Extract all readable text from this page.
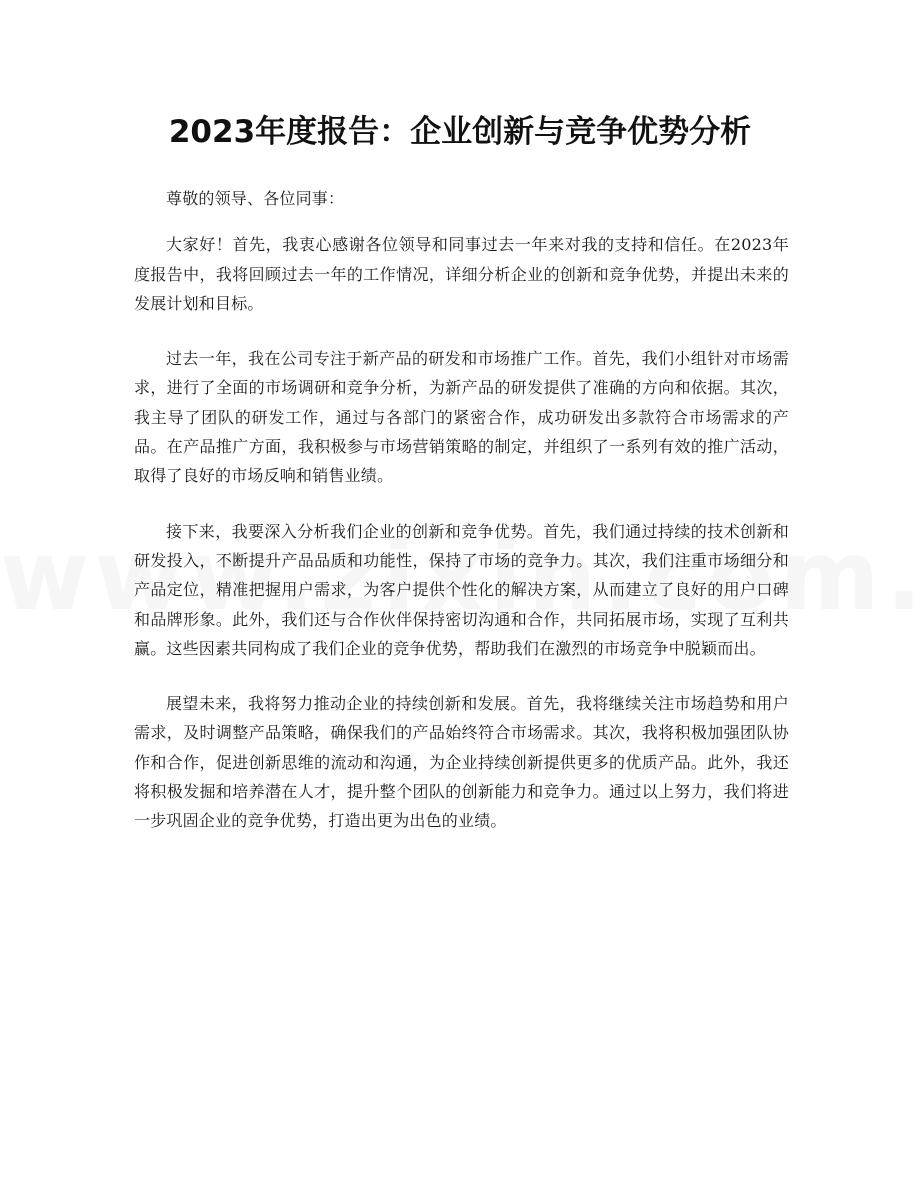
2023年度报告：企业创新与竞争优势分析

尊敬的领导、各位同事：

大家好！首先，我衷心感谢各位领导和同事过去一年来对我的支持和信任。在2023年度报告中，我将回顾过去一年的工作情况，详细分析企业的创新和竞争优势，并提出未来的发展计划和目标。

过去一年，我在公司专注于新产品的研发和市场推广工作。首先，我们小组针对市场需求，进行了全面的市场调研和竞争分析，为新产品的研发提供了准确的方向和依据。其次，我主导了团队的研发工作，通过与各部门的紧密合作，成功研发出多款符合市场需求的产品。在产品推广方面，我积极参与市场营销策略的制定，并组织了一系列有效的推广活动，取得了良好的市场反响和销售业绩。

接下来，我要深入分析我们企业的创新和竞争优势。首先，我们通过持续的技术创新和研发投入，不断提升产品品质和功能性，保持了市场的竞争力。其次，我们注重市场细分和产品定位，精准把握用户需求，为客户提供个性化的解决方案，从而建立了良好的用户口碑和品牌形象。此外，我们还与合作伙伴保持密切沟通和合作，共同拓展市场，实现了互利共赢。这些因素共同构成了我们企业的竞争优势，帮助我们在激烈的市场竞争中脱颖而出。

展望未来，我将努力推动企业的持续创新和发展。首先，我将继续关注市场趋势和用户需求，及时调整产品策略，确保我们的产品始终符合市场需求。其次，我将积极加强团队协作和合作，促进创新思维的流动和沟通，为企业持续创新提供更多的优质产品。此外，我还将积极发掘和培养潜在人才，提升整个团队的创新能力和竞争力。通过以上努力，我们将进一步巩固企业的竞争优势，打造出更为出色的业绩。
